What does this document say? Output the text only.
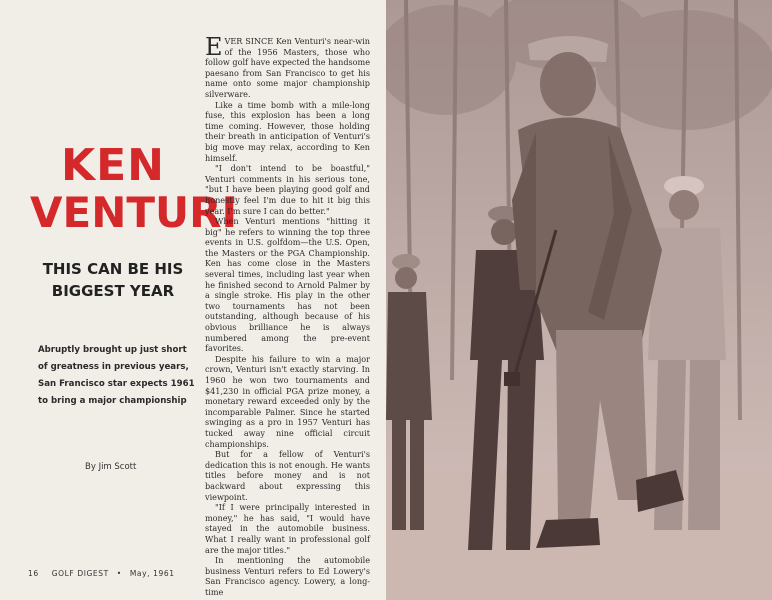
KEN
VENTURI
THIS CAN BE HIS
BIGGEST YEAR
Abruptly brought up just short
of greatness in previous years,
San Francisco star expects 1961
to bring a major championship
By Jim Scott
16 GOLF DIGEST • May, 1961

EVER SINCE Ken Venturi's near-win of the 1956 Masters, those who follow golf have expected the handsome paesano from San Francisco to get his name onto some major championship silverware.

Like a time bomb with a mile-long fuse, this explosion has been a long time coming. However, those holding their breath in anticipation of Venturi's big move may relax, according to Ken himself.

"I don't intend to be boastful," Venturi comments in his serious tone, "but I have been playing good golf and honestly feel I'm due to hit it big this year. I'm sure I can do better."

When Venturi mentions "hitting it big" he refers to winning the top three events in U.S. golfdom—the U.S. Open, the Masters or the PGA Championship. Ken has come close in the Masters several times, including last year when he finished second to Arnold Palmer by a single stroke. His play in the other two tournaments has not been outstanding, although because of his obvious brilliance he is always numbered among the pre-event favorites.

Despite his failure to win a major crown, Venturi isn't exactly starving. In 1960 he won two tournaments and $41,230 in official PGA prize money, a monetary reward exceeded only by the incomparable Palmer. Since he started swinging as a pro in 1957 Venturi has tucked away nine official circuit championships.

But for a fellow of Venturi's dedication this is not enough. He wants titles before money and is not backward about expressing this viewpoint.

"If I were principally interested in money," he has said, "I would have stayed in the automobile business. What I really want in professional golf are the major titles."

In mentioning the automobile business Venturi refers to Ed Lowery's San Francisco agency. Lowery, a long-time
